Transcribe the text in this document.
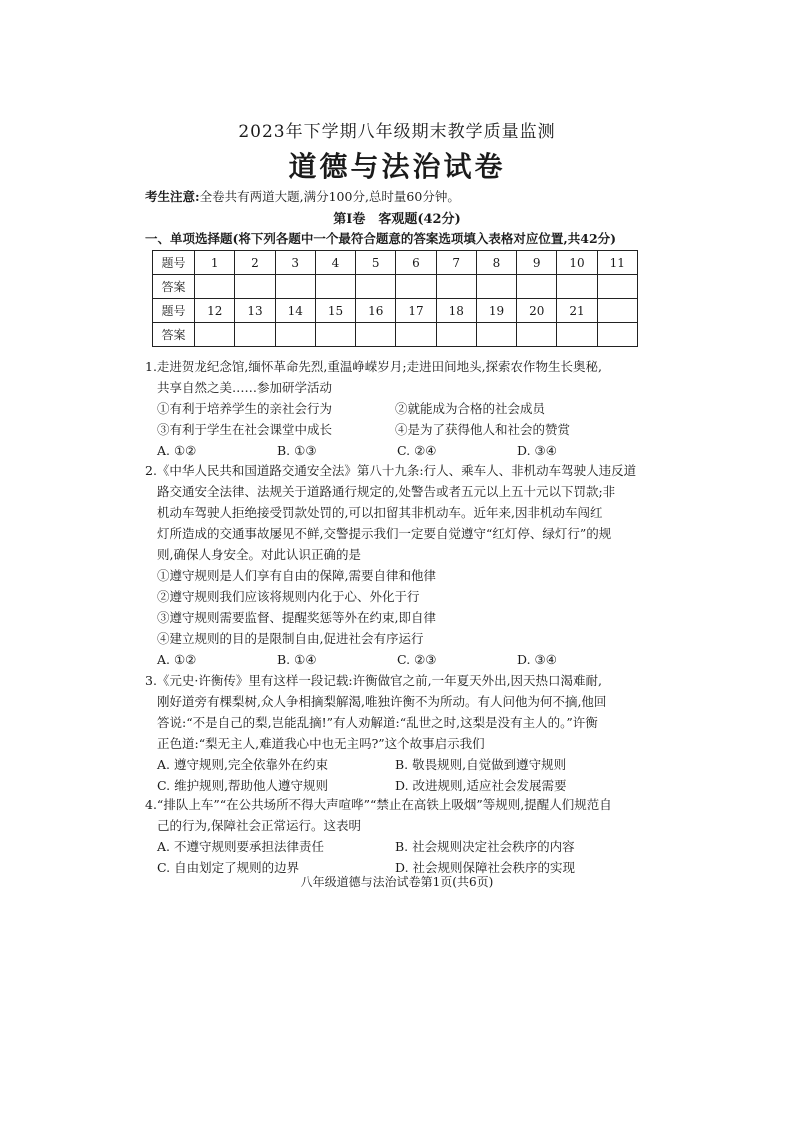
2023年下学期八年级期末教学质量监测
道德与法治试卷
考生注意:全卷共有两道大题,满分100分,总时量60分钟。
第Ⅰ卷　客观题(42分)
一、单项选择题(将下列各题中一个最符合题意的答案选项填入表格对应位置,共42分)
题号	1	2	3	4	5	6	7	8	9	10	11
答案											
题号	12	13	14	15	16	17	18	19	20	21	
答案											
1.走进贺龙纪念馆,缅怀革命先烈,重温峥嵘岁月;走进田间地头,探索农作物生长奥秘,
共享自然之美……参加研学活动
①有利于培养学生的亲社会行为	②就能成为合格的社会成员
③有利于学生在社会课堂中成长	④是为了获得他人和社会的赞赏
A. ①②	B. ①③	C. ②④	D. ③④
2.《中华人民共和国道路交通安全法》第八十九条:行人、乘车人、非机动车驾驶人违反道
路交通安全法律、法规关于道路通行规定的,处警告或者五元以上五十元以下罚款;非
机动车驾驶人拒绝接受罚款处罚的,可以扣留其非机动车。近年来,因非机动车闯红
灯所造成的交通事故屡见不鲜,交警提示我们一定要自觉遵守“红灯停、绿灯行”的规
则,确保人身安全。对此认识正确的是
①遵守规则是人们享有自由的保障,需要自律和他律
②遵守规则我们应该将规则内化于心、外化于行
③遵守规则需要监督、提醒奖惩等外在约束,即自律
④建立规则的目的是限制自由,促进社会有序运行
A. ①②	B. ①④	C. ②③	D. ③④
3.《元史·许衡传》里有这样一段记载:许衡做官之前,一年夏天外出,因天热口渴难耐,
刚好道旁有棵梨树,众人争相摘梨解渴,唯独许衡不为所动。有人问他为何不摘,他回
答说:“不是自己的梨,岂能乱摘!”有人劝解道:“乱世之时,这梨是没有主人的。”许衡
正色道:“梨无主人,难道我心中也无主吗?”这个故事启示我们
A. 遵守规则,完全依靠外在约束	B. 敬畏规则,自觉做到遵守规则
C. 维护规则,帮助他人遵守规则	D. 改进规则,适应社会发展需要
4.“排队上车”“在公共场所不得大声喧哗”“禁止在高铁上吸烟”等规则,提醒人们规范自
己的行为,保障社会正常运行。这表明
A. 不遵守规则要承担法律责任	B. 社会规则决定社会秩序的内容
C. 自由划定了规则的边界	D. 社会规则保障社会秩序的实现
八年级道德与法治试卷第1页(共6页)
